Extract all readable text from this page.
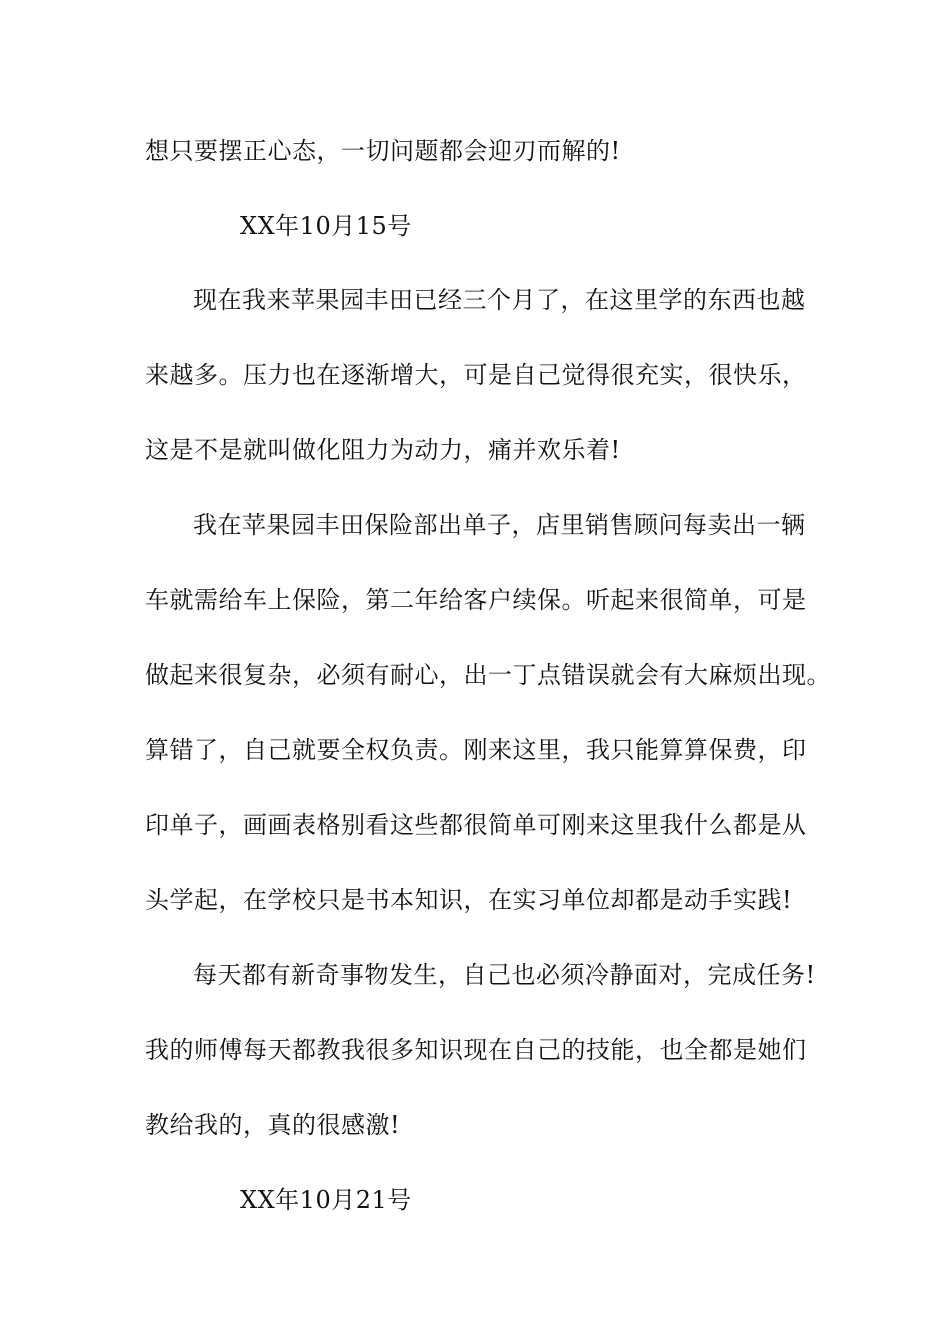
想只要摆正心态，一切问题都会迎刃而解的!
XX年10月15号
现在我来苹果园丰田已经三个月了，在这里学的东西也越
来越多。压力也在逐渐增大，可是自己觉得很充实，很快乐，
这是不是就叫做化阻力为动力，痛并欢乐着!
我在苹果园丰田保险部出单子，店里销售顾问每卖出一辆
车就需给车上保险，第二年给客户续保。听起来很简单，可是
做起来很复杂，必须有耐心，出一丁点错误就会有大麻烦出现。
算错了，自己就要全权负责。刚来这里，我只能算算保费，印
印单子，画画表格别看这些都很简单可刚来这里我什么都是从
头学起，在学校只是书本知识，在实习单位却都是动手实践!
每天都有新奇事物发生，自己也必须冷静面对，完成任务!
我的师傅每天都教我很多知识现在自己的技能，也全都是她们
教给我的，真的很感激!
XX年10月21号
